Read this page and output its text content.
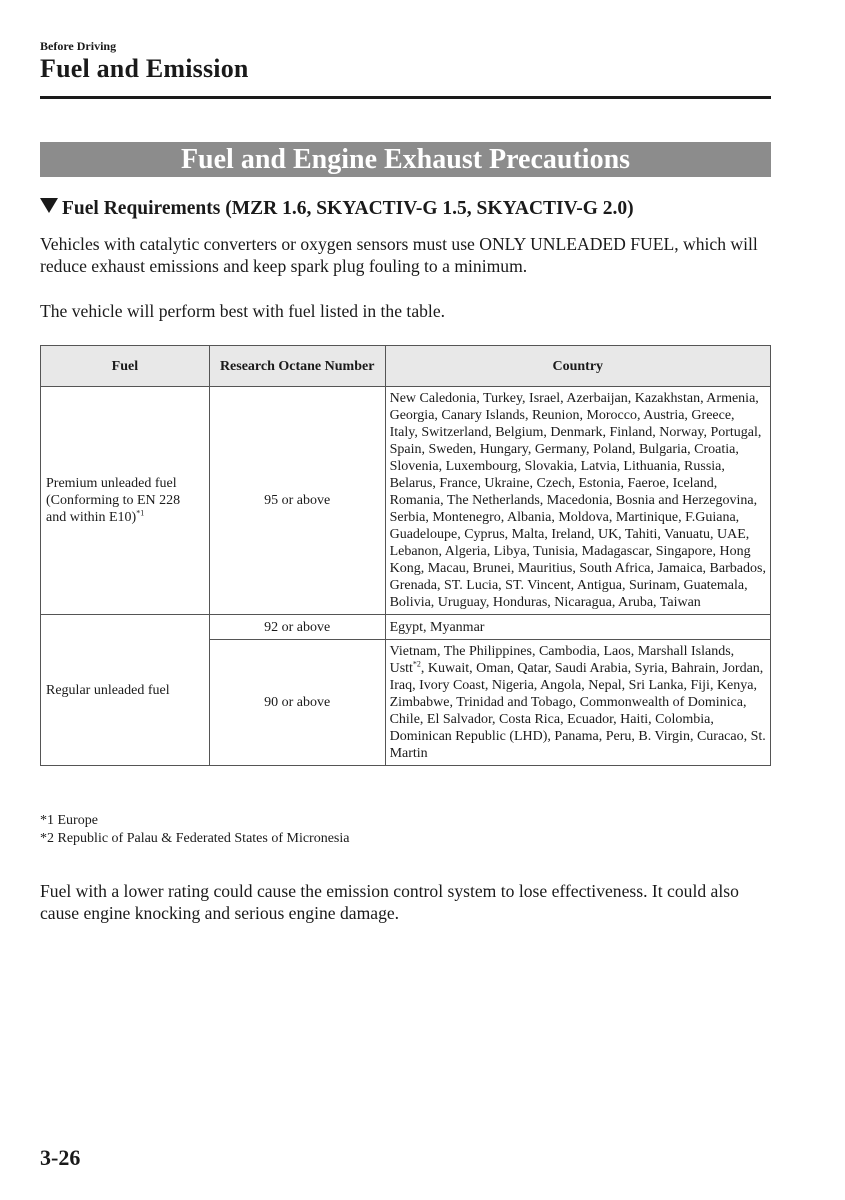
Before Driving
Fuel and Emission
Fuel and Engine Exhaust Precautions
Fuel Requirements (MZR 1.6, SKYACTIV-G 1.5, SKYACTIV-G 2.0)
Vehicles with catalytic converters or oxygen sensors must use ONLY UNLEADED FUEL, which will reduce exhaust emissions and keep spark plug fouling to a minimum.
The vehicle will perform best with fuel listed in the table.
Fuel	Research Octane Number	Country
Premium unleaded fuel (Conforming to EN 228 and within E10)$^{*1}$	95 or above	New Caledonia, Turkey, Israel, Azerbaijan, Kazakhstan, Armenia, Georgia, Canary Islands, Reunion, Morocco, Austria, Greece, Italy, Switzerland, Belgium, Denmark, Finland, Norway, Portugal, Spain, Sweden, Hungary, Germany, Poland, Bulgaria, Croatia, Slovenia, Luxembourg, Slovakia, Latvia, Lithuania, Russia, Belarus, France, Ukraine, Czech, Estonia, Faeroe, Iceland, Romania, The Netherlands, Macedonia, Bosnia and Herzegovina, Serbia, Montenegro, Albania, Moldova, Martinique, F.Guiana, Guadeloupe, Cyprus, Malta, Ireland, UK, Tahiti, Vanuatu, UAE, Lebanon, Algeria, Libya, Tunisia, Madagascar, Singapore, Hong Kong, Macau, Brunei, Mauritius, South Africa, Jamaica, Barbados, Grenada, ST. Lucia, ST. Vincent, Antigua, Surinam, Guatemala, Bolivia, Uruguay, Honduras, Nicaragua, Aruba, Taiwan
Regular unleaded fuel	92 or above	Egypt, Myanmar
	90 or above	Vietnam, The Philippines, Cambodia, Laos, Marshall Islands, Ustt$^{*2}$, Kuwait, Oman, Qatar, Saudi Arabia, Syria, Bahrain, Jordan, Iraq, Ivory Coast, Nigeria, Angola, Nepal, Sri Lanka, Fiji, Kenya, Zimbabwe, Trinidad and Tobago, Commonwealth of Dominica, Chile, El Salvador, Costa Rica, Ecuador, Haiti, Colombia, Dominican Republic (LHD), Panama, Peru, B. Virgin, Curacao, St. Martin
*1 Europe
*2 Republic of Palau & Federated States of Micronesia
Fuel with a lower rating could cause the emission control system to lose effectiveness. It could also cause engine knocking and serious engine damage.
3-26
